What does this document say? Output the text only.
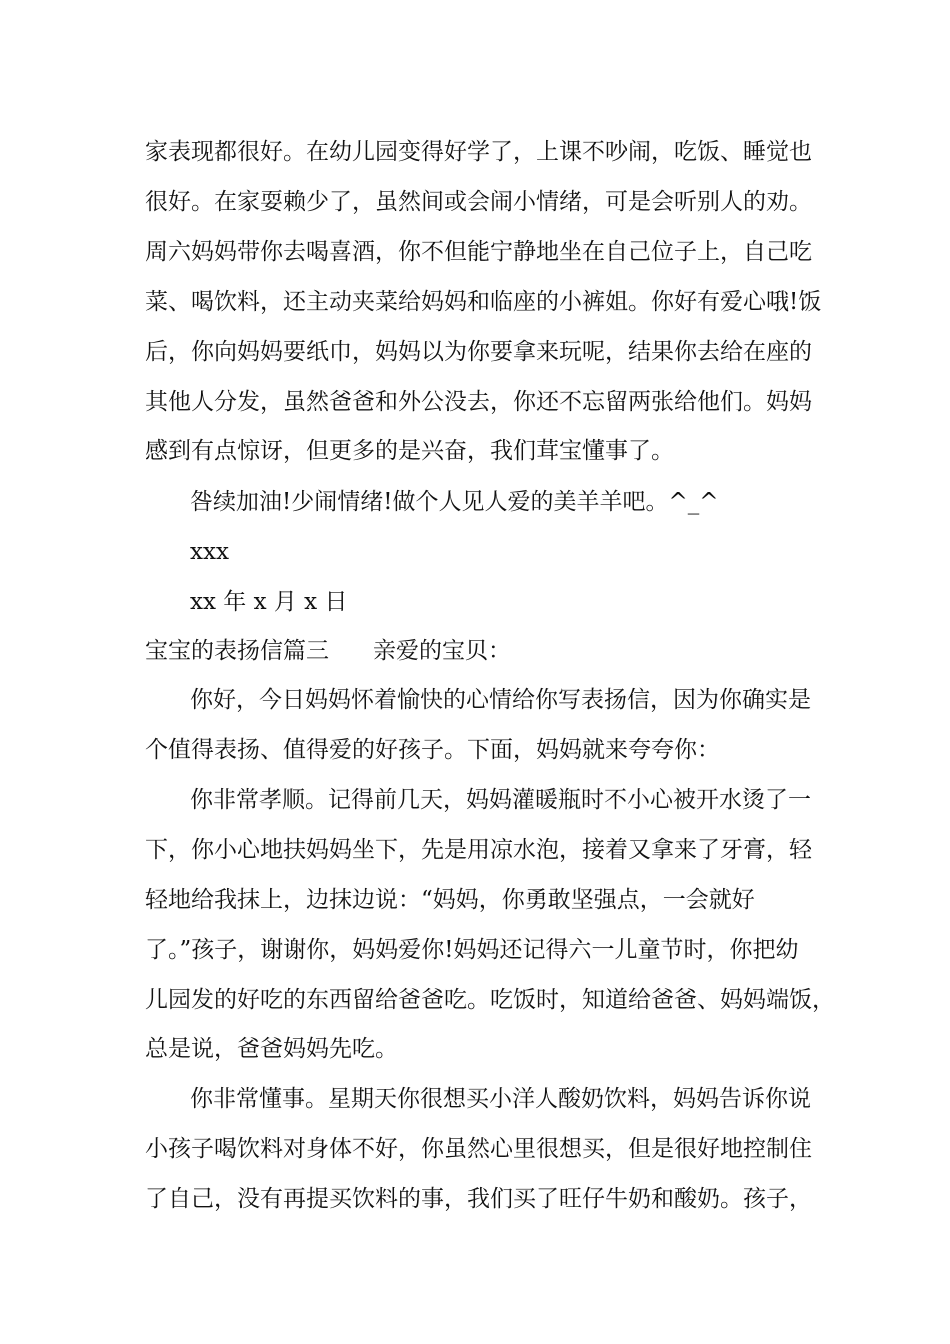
家表现都很好。在幼儿园变得好学了，上课不吵闹，吃饭、睡觉也

很好。在家耍赖少了，虽然间或会闹小情绪，可是会听别人的劝。

周六妈妈带你去喝喜酒，你不但能宁静地坐在自己位子上，自己吃

菜、喝饮料，还主动夹菜给妈妈和临座的小裤姐。你好有爱心哦!饭

后，你向妈妈要纸巾，妈妈以为你要拿来玩呢，结果你去给在座的

其他人分发，虽然爸爸和外公没去，你还不忘留两张给他们。妈妈

感到有点惊讶，但更多的是兴奋，我们茸宝懂事了。

咎续加油!少闹情绪!做个人见人爱的美羊羊吧。^_^

xxx

xx 年 x 月 x 日

宝宝的表扬信篇三 亲爱的宝贝：

你好，今日妈妈怀着愉快的心情给你写表扬信，因为你确实是

个值得表扬、值得爱的好孩子。下面，妈妈就来夸夸你：

你非常孝顺。记得前几天，妈妈灌暖瓶时不小心被开水烫了一

下，你小心地扶妈妈坐下，先是用凉水泡，接着又拿来了牙膏，轻

轻地给我抹上，边抹边说：“妈妈，你勇敢坚强点，一会就好

了。”孩子，谢谢你，妈妈爱你!妈妈还记得六一儿童节时，你把幼

儿园发的好吃的东西留给爸爸吃。吃饭时，知道给爸爸、妈妈端饭，

总是说，爸爸妈妈先吃。

你非常懂事。星期天你很想买小洋人酸奶饮料，妈妈告诉你说

小孩子喝饮料对身体不好，你虽然心里很想买，但是很好地控制住

了自己，没有再提买饮料的事，我们买了旺仔牛奶和酸奶。孩子，
